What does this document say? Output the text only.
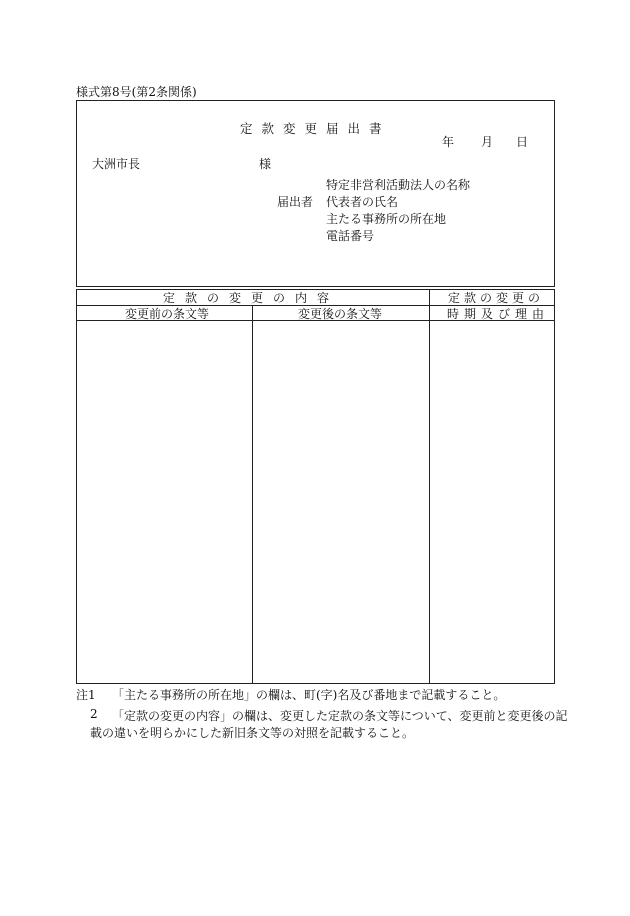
様式第8号(第2条関係)
定款変更届出書
年 月 日
大洲市長	様
届出者
特定非営利活動法人の名称
代表者の氏名
主たる事務所の所在地
電話番号
定款の変更の内容	定款の変更の
変更前の条文等	変更後の条文等	時期及び理由
注1 「主たる事務所の所在地」の欄は、町(字)名及び番地まで記載すること。
2 「定款の変更の内容」の欄は、変更した定款の条文等について、変更前と変更後の記
載の違いを明らかにした新旧条文等の対照を記載すること。
